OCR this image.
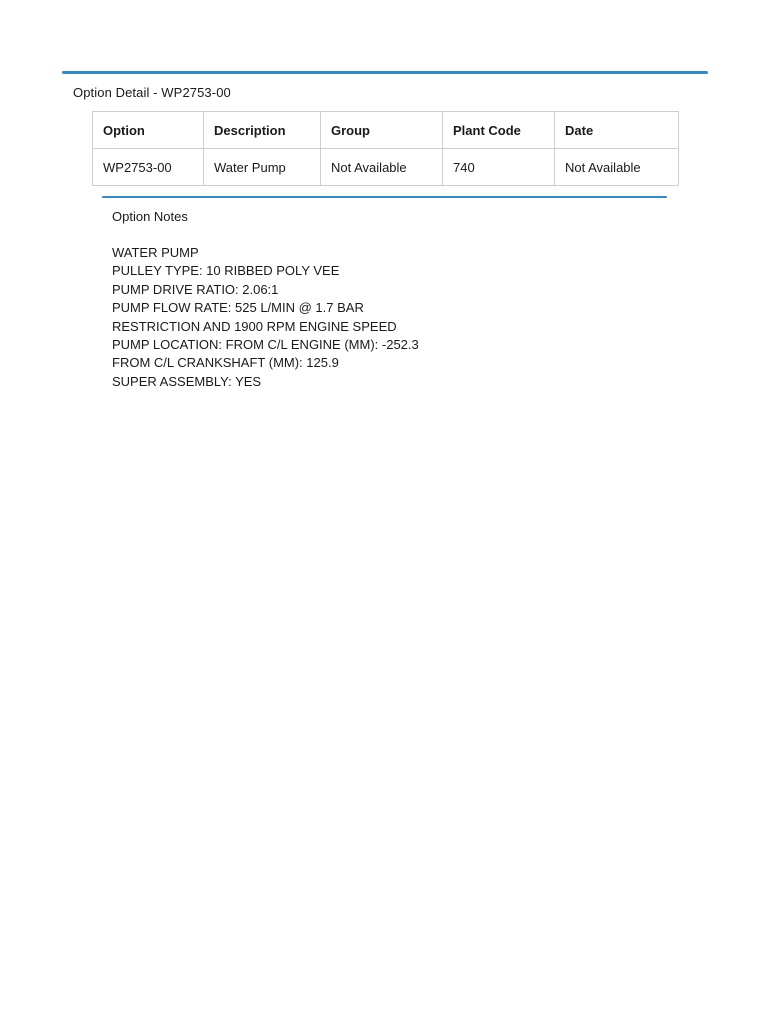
Option Detail - WP2753-00
Option	Description	Group	Plant Code	Date
WP2753-00	Water Pump	Not Available	740	Not Available
Option Notes
WATER PUMP
PULLEY TYPE: 10 RIBBED POLY VEE
PUMP DRIVE RATIO: 2.06:1
PUMP FLOW RATE: 525 L/MIN @ 1.7 BAR
RESTRICTION AND 1900 RPM ENGINE SPEED
PUMP LOCATION: FROM C/L ENGINE (MM): -252.3
FROM C/L CRANKSHAFT (MM): 125.9
SUPER ASSEMBLY: YES
